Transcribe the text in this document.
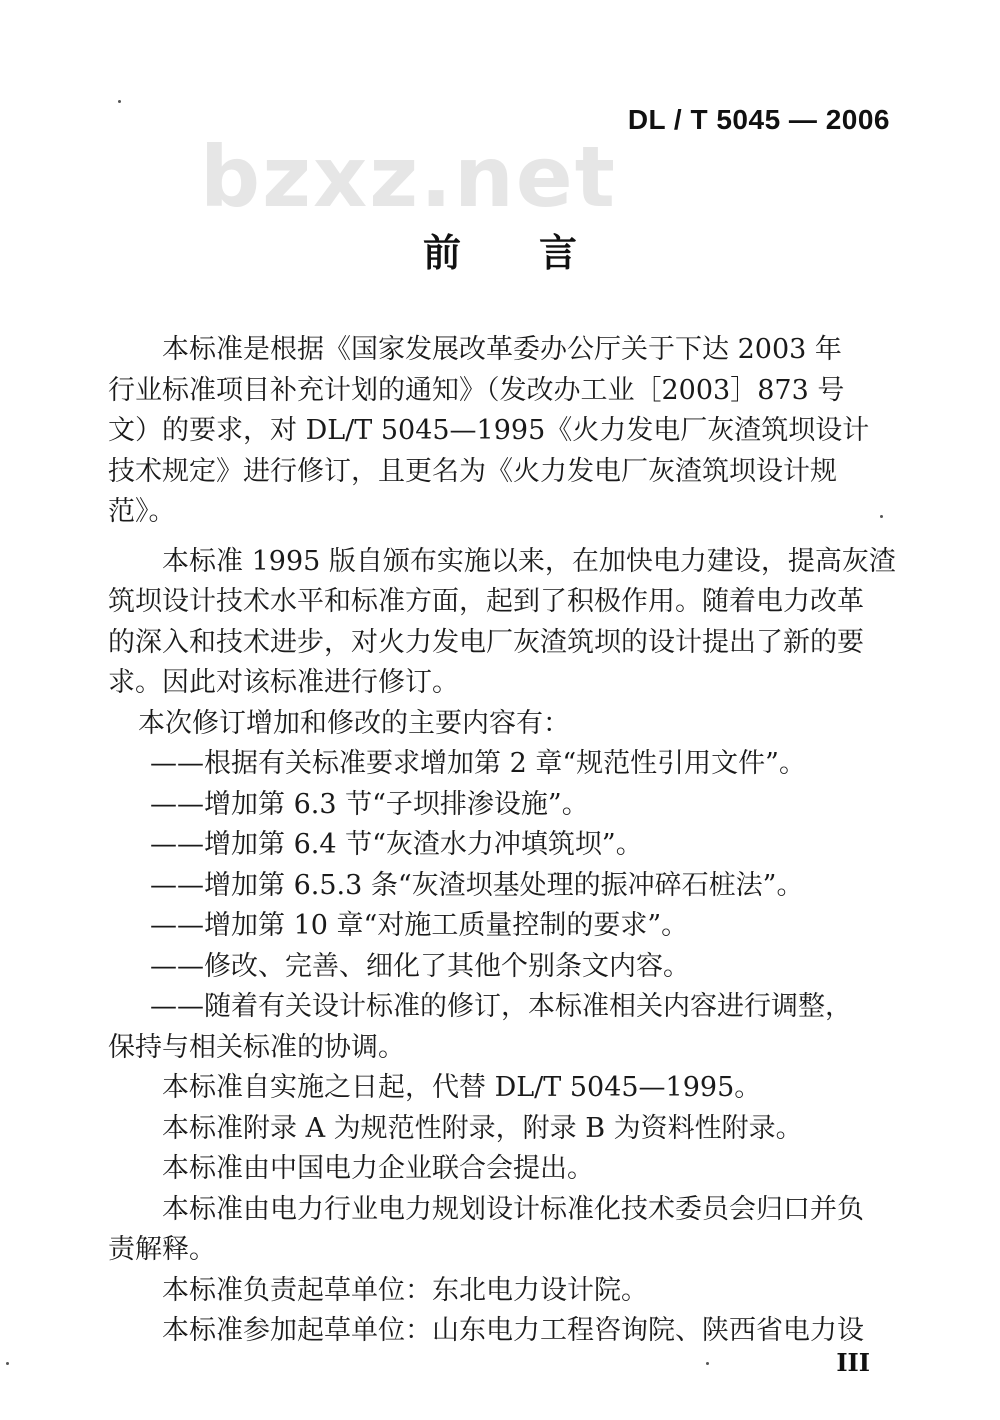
bzxz.net
DL / T 5045 — 2006
前言
本标准是根据《国家发展改革委办公厅关于下达 2003 年
行业标准项目补充计划的通知》（发改办工业［2003］873 号
文）的要求，对 DL/T 5045—1995《火力发电厂灰渣筑坝设计
技术规定》进行修订，且更名为《火力发电厂灰渣筑坝设计规
范》。
本标准 1995 版自颁布实施以来，在加快电力建设，提高灰渣
筑坝设计技术水平和标准方面，起到了积极作用。随着电力改革
的深入和技术进步，对火力发电厂灰渣筑坝的设计提出了新的要
求。因此对该标准进行修订。
本次修订增加和修改的主要内容有：
——根据有关标准要求增加第 2 章“规范性引用文件”。
——增加第 6.3 节“子坝排渗设施”。
——增加第 6.4 节“灰渣水力冲填筑坝”。
——增加第 6.5.3 条“灰渣坝基处理的振冲碎石桩法”。
——增加第 10 章“对施工质量控制的要求”。
——修改、完善、细化了其他个别条文内容。
——随着有关设计标准的修订，本标准相关内容进行调整，
保持与相关标准的协调。
本标准自实施之日起，代替 DL/T 5045—1995。
本标准附录 A 为规范性附录，附录 B 为资料性附录。
本标准由中国电力企业联合会提出。
本标准由电力行业电力规划设计标准化技术委员会归口并负
责解释。
本标准负责起草单位：东北电力设计院。
本标准参加起草单位：山东电力工程咨询院、陕西省电力设
III
